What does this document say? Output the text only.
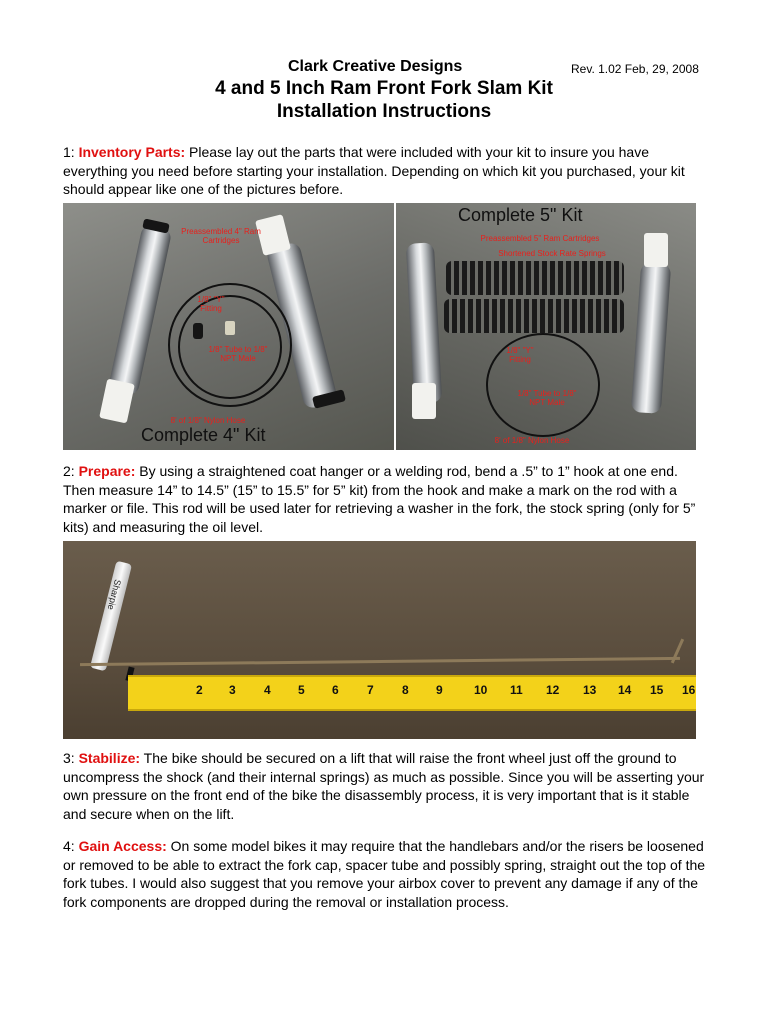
Clark Creative Designs	Rev. 1.02 Feb, 29, 2008
4 and 5 Inch Ram Front Fork Slam Kit
Installation Instructions

1: Inventory Parts: Please lay out the parts that were included with your kit to insure you have everything you need before starting your installation. Depending on which kit you purchased, your kit should appear like one of the pictures before.

Preassembled 4" Ram Cartridges
1/8" "Y" Fitting
1/8" Tube to 1/8" NPT Male
8' of 1/8" Nylon Hose
Complete 4" Kit
Complete 5" Kit
Preassembled 5" Ram Cartridges
Shortened Stock Rate Springs
1/8" "Y" Fitting
1/8" Tube to 1/8" NPT Male
8' of 1/8" Nylon Hose

2: Prepare: By using a straightened coat hanger or a welding rod, bend a .5” to 1” hook at one end. Then measure 14” to 14.5” (15” to 15.5” for 5” kit) from the hook and make a mark on the rod with a marker or file. This rod will be used later for retrieving a washer in the fork, the stock spring (only for 5” kits) and measuring the oil level.

Sharpie
2 3 4 5 6 7 8 9	10 11 12 13 14 15 16

3: Stabilize: The bike should be secured on a lift that will raise the front wheel just off the ground to uncompress the shock (and their internal springs) as much as possible. Since you will be asserting your own pressure on the front end of the bike the disassembly process, it is very important that is it stable and secure when on the lift.

4: Gain Access: On some model bikes it may require that the handlebars and/or the risers be loosened or removed to be able to extract the fork cap, spacer tube and possibly spring, straight out the top of the fork tubes. I would also suggest that you remove your airbox cover to prevent any damage if any of the fork components are dropped during the removal or installation process.
